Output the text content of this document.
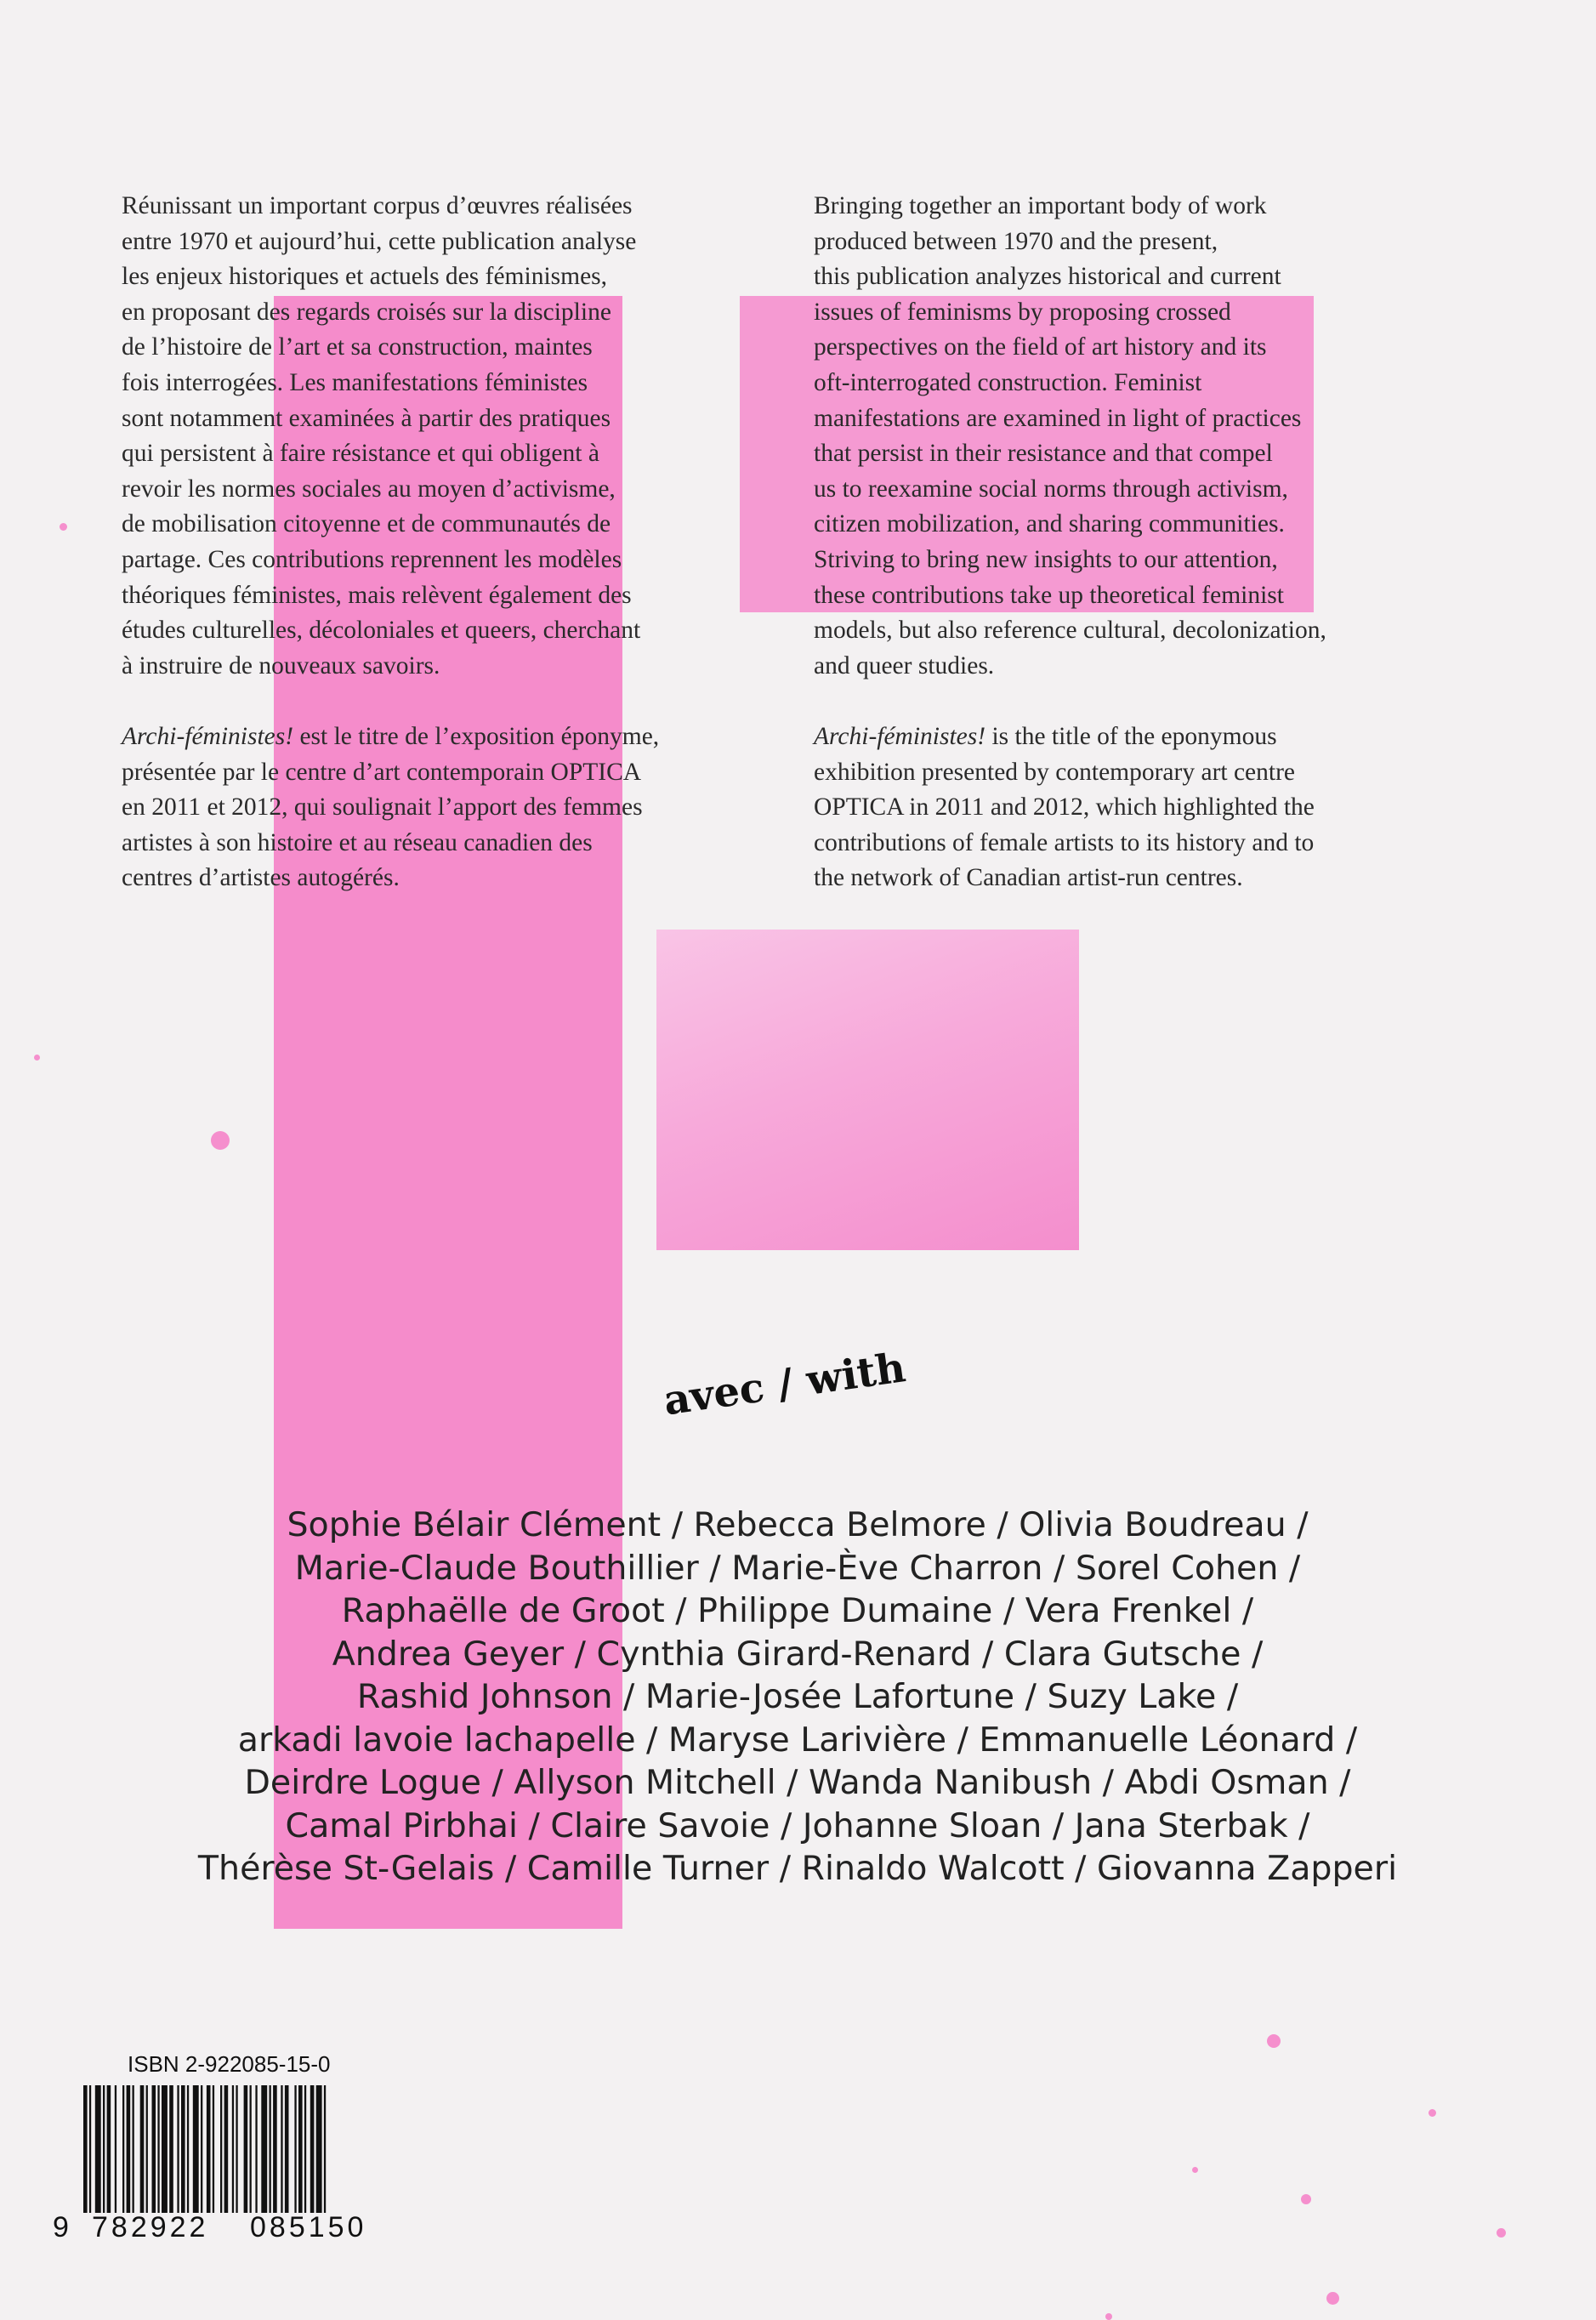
Réunissant un important corpus d’œuvres réalisées
entre 1970 et aujourd’hui, cette publication analyse
les enjeux historiques et actuels des féminismes,
en proposant des regards croisés sur la discipline
de l’histoire de l’art et sa construction, maintes
fois interrogées. Les manifestations féministes
sont notamment examinées à partir des pratiques
qui persistent à faire résistance et qui obligent à
revoir les normes sociales au moyen d’activisme,
de mobilisation citoyenne et de communautés de
partage. Ces contributions reprennent les modèles
théoriques féministes, mais relèvent également des
études culturelles, décoloniales et queers, cherchant
à instruire de nouveaux savoirs.

Archi-féministes! est le titre de l’exposition éponyme,
présentée par le centre d’art contemporain OPTICA
en 2011 et 2012, qui soulignait l’apport des femmes
artistes à son histoire et au réseau canadien des
centres d’artistes autogérés.

Bringing together an important body of work
produced between 1970 and the present,
this publication analyzes historical and current
issues of feminisms by proposing crossed
perspectives on the field of art history and its
oft-interrogated construction. Feminist
manifestations are examined in light of practices
that persist in their resistance and that compel
us to reexamine social norms through activism,
citizen mobilization, and sharing communities.
Striving to bring new insights to our attention,
these contributions take up theoretical feminist
models, but also reference cultural, decolonization,
and queer studies.

Archi-féministes! is the title of the eponymous
exhibition presented by contemporary art centre
OPTICA in 2011 and 2012, which highlighted the
contributions of female artists to its history and to
the network of Canadian artist-run centres.

avec / with
Sophie Bélair Clément / Rebecca Belmore / Olivia Boudreau /
Marie-Claude Bouthillier / Marie-Ève Charron / Sorel Cohen /
Raphaëlle de Groot / Philippe Dumaine / Vera Frenkel /
Andrea Geyer / Cynthia Girard-Renard / Clara Gutsche /
Rashid Johnson / Marie-Josée Lafortune / Suzy Lake /
arkadi lavoie lachapelle / Maryse Larivière / Emmanuelle Léonard /
Deirdre Logue / Allyson Mitchell / Wanda Nanibush / Abdi Osman /
Camal Pirbhai / Claire Savoie / Johanne Sloan / Jana Sterbak /
Thérèse St-Gelais / Camille Turner / Rinaldo Walcott / Giovanna Zapperi
ISBN 2-922085-15-0
9 782922 085150
